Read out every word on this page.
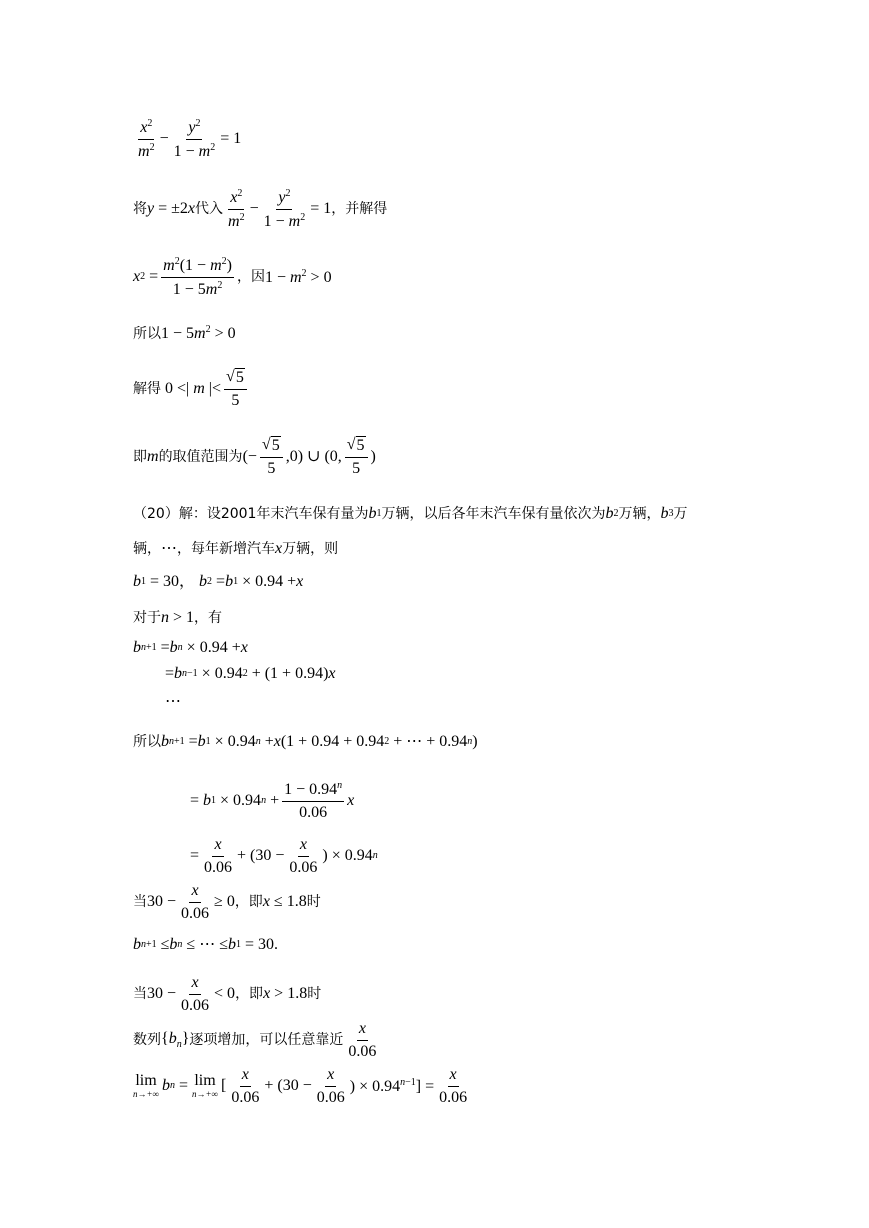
$\frac{x^2}{m^2} - \frac{y^2}{1 - m^2} = 1$
将 y = ±2 x 代入 $\frac{x^2}{m^2} - \frac{y^2}{1 - m^2} = 1$ ，并解得
x $2 = \frac{m^2(1 - m^2)}{1 - 5m^2}$ ，因 $1 - m^2 > 0$
所以 $1 - 5m^2 > 0$
解得 0 <| m |< $\frac{√ 5}{5}$
即 m 的取值范围为 (− $\frac{√ 5}{5} ,0$) ∪ (0, $\frac{√ 5}{5}$ )
（20）解：设 2001 年末汽车保有量为 b 1 万辆，以后各年末汽车保有量依次为 b 2 万辆， b 3 万
辆， ⋯ ，每年新增汽车 x 万辆，则
b 1 = 30， b 2 = b 1 × 0.94 + x
对于 n > 1 ，有
b n+1 = b n × 0.94 + x
= b n−1 × 0.94 2 + (1 + 0.94) x
⋯
所以 b n+1 = b 1 × 0.94 n + x (1 + 0.94 + 0.94 2 + ⋯ + 0.94 n )
= b 1 × 0.94 $n + \frac{1 - 0.94^n}{0.06}$ x
= $\frac{x}{0.06} + (30 - \frac{x}{0.06}$ ) × 0.94 n
当 $30 - \frac{x}{0.06} \ge 0$ ，即 x ≤ 1.8 时
b n+1 ≤ b n ≤ ⋯ ≤ b 1 = 30.
当 $30 - \frac{x}{0.06} < 0$ ，即 x > 1.8 时
数列 $\{b_n\}$ 逐项增加，可以任意靠近 $\frac{x}{0.06}$
lim
n→+∞ b n = lim
n→+∞ [ $\frac{x}{0.06} + (30 - \frac{x}{0.06}$ ) × $0.94^{n-1}] = \frac{x}{0.06}$
